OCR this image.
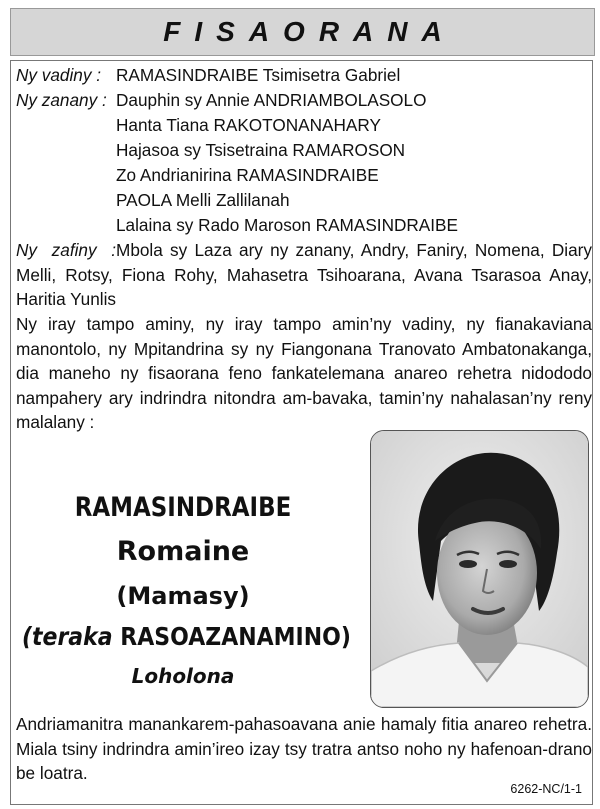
FISAORANA
Ny vadiny : RAMASINDRAIBE Tsimisetra Gabriel
Ny zanany : Dauphin sy Annie ANDRIAMBOLASOLO
Hanta Tiana RAKOTONANAHARY
Hajasoa sy Tsisetraina RAMAROSON
Zo Andrianirina RAMASINDRAIBE
PAOLA Melli Zallilanah
Lalaina sy Rado Maroson RAMASINDRAIBE
Ny zafiny :Mbola sy Laza ary ny zanany, Andry, Faniry, Nomena, Diary
Melli, Rotsy, Fiona Rohy, Mahasetra Tsihoarana, Avana Tsarasoa Anay,
Haritia Yunlis
Ny iray tampo aminy, ny iray tampo amin’ny vadiny, ny fianakaviana
manontolo, ny Mpitandrina sy ny Fiangonana Tranovato Ambatonakanga,
dia maneho ny fisaorana feno fankatelemana anareo rehetra nidododo
nampahery ary indrindra nitondra am-bavaka, tamin’ny nahalasan’ny reny
malalany :
RAMASINDRAIBE
Romaine
(Mamasy)
(teraka RASOAZANAMINO)
Loholona
Andriamanitra manankarem-pahasoavana anie hamaly fitia anareo rehetra.
Miala tsiny indrindra amin’ireo izay tsy tratra antso noho ny hafenoan-drano
be loatra.
6262-NC/1-1
